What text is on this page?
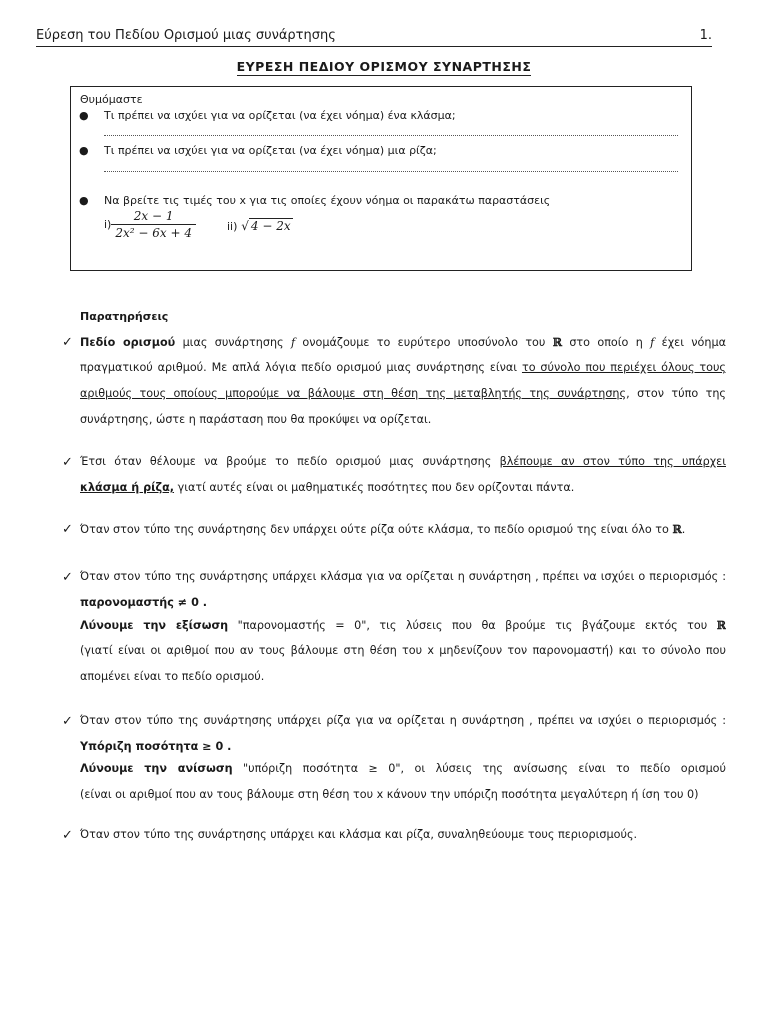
Εύρεση του Πεδίου Ορισμού μιας συνάρτησης	1.
ΕΥΡΕΣΗ ΠΕΔΙΟΥ ΟΡΙΣΜΟΥ ΣΥΝΑΡΤΗΣΗΣ
Θυμόμαστε
● Τι πρέπει να ισχύει για να ορίζεται (να έχει νόημα) ένα κλάσμα;
● Τι πρέπει να ισχύει για να ορίζεται (να έχει νόημα) μια ρίζα;
● Να βρείτε τις τιμές του x για τις οποίες έχουν νόημα οι παρακάτω παραστάσεις
$i) \frac{2x - 1}{\text{2x² − 6x + 4}}$	ii) √ 4 − 2x
Παρατηρήσεις
✓ Πεδίο ορισμού μιας συνάρτησης f ονομάζουμε το ευρύτερο υποσύνολο του ℝ στο οποίο η f έχει νόημα
πραγματικού αριθμού. Με απλά λόγια πεδίο ορισμού μιας συνάρτησης είναι το σύνολο που περιέχει όλους τους
αριθμούς τους οποίους μπορούμε να βάλουμε στη θέση της μεταβλητής της συνάρτησης, στον τύπο της
συνάρτησης, ώστε η παράσταση που θα προκύψει να ορίζεται.
✓ Έτσι όταν θέλουμε να βρούμε το πεδίο ορισμού μιας συνάρτησης βλέπουμε αν στον τύπο της υπάρχει
κλάσμα ή ρίζα, γιατί αυτές είναι οι μαθηματικές ποσότητες που δεν ορίζονται πάντα.
✓ Όταν στον τύπο της συνάρτησης δεν υπάρχει ούτε ρίζα ούτε κλάσμα, το πεδίο ορισμού της είναι όλο το ℝ.
✓ Όταν στον τύπο της συνάρτησης υπάρχει κλάσμα για να ορίζεται η συνάρτηση , πρέπει να ισχύει ο περιορισμός :
παρονομαστής ≠ 0 .
Λύνουμε την εξίσωση "παρονομαστής = 0", τις λύσεις που θα βρούμε τις βγάζουμε εκτός του ℝ
(γιατί είναι οι αριθμοί που αν τους βάλουμε στη θέση του x μηδενίζουν τον παρονομαστή) και το σύνολο που
απομένει είναι το πεδίο ορισμού.
✓ Όταν στον τύπο της συνάρτησης υπάρχει ρίζα για να ορίζεται η συνάρτηση , πρέπει να ισχύει ο περιορισμός :
Υπόριζη ποσότητα ≥ 0 .
Λύνουμε την ανίσωση "υπόριζη ποσότητα ≥ 0", οι λύσεις της ανίσωσης είναι το πεδίο ορισμού
(είναι οι αριθμοί που αν τους βάλουμε στη θέση του x κάνουν την υπόριζη ποσότητα μεγαλύτερη ή ίση του 0)
✓ Όταν στον τύπο της συνάρτησης υπάρχει και κλάσμα και ρίζα, συναληθεύουμε τους περιορισμούς.
